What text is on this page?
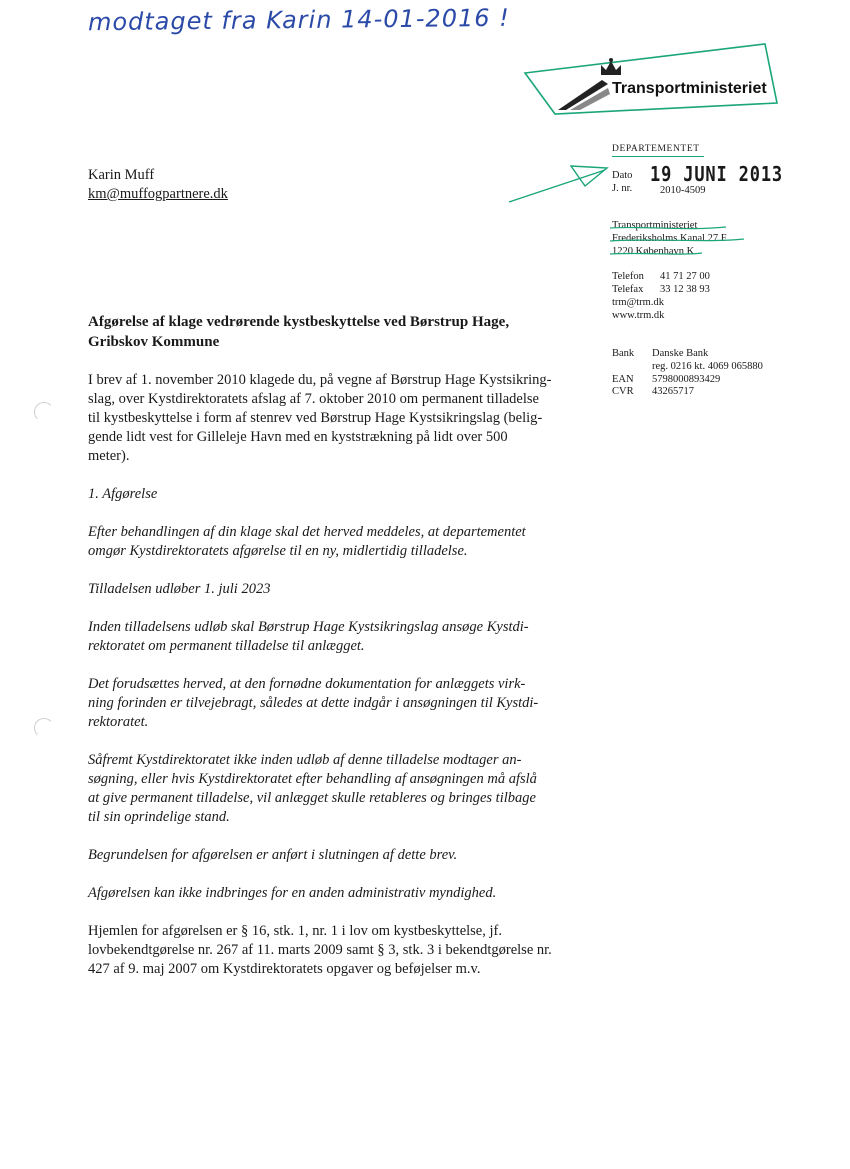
modtaget fra Karin 14-01-2016 !
Transportministeriet
DEPARTEMENTET
Dato 19 JUNI 2013
J. nr.	2010-4509
Transportministeriet
Frederiksholms Kanal 27 F
1220 København K
Telefon 41 71 27 00
Telefax 33 12 38 93
trm@trm.dk
www.trm.dk
Bank Danske Bank
reg. 0216 kt. 4069 065880
EAN 5798000893429
CVR 43265717
Karin Muff
km@muffogpartnere.dk
Afgørelse af klage vedrørende kystbeskyttelse ved Børstrup Hage,
Gribskov Kommune
I brev af 1. november 2010 klagede du, på vegne af Børstrup Hage Kystsikring-
slag, over Kystdirektoratets afslag af 7. oktober 2010 om permanent tilladelse
til kystbeskyttelse i form af stenrev ved Børstrup Hage Kystsikringslag (belig-
gende lidt vest for Gilleleje Havn med en kyststrækning på lidt over 500
meter).
1. Afgørelse
Efter behandlingen af din klage skal det herved meddeles, at departementet
omgør Kystdirektoratets afgørelse til en ny, midlertidig tilladelse.
Tilladelsen udløber 1. juli 2023
Inden tilladelsens udløb skal Børstrup Hage Kystsikringslag ansøge Kystdi-
rektoratet om permanent tilladelse til anlægget.
Det forudsættes herved, at den fornødne dokumentation for anlæggets virk-
ning forinden er tilvejebragt, således at dette indgår i ansøgningen til Kystdi-
rektoratet.
Såfremt Kystdirektoratet ikke inden udløb af denne tilladelse modtager an-
søgning, eller hvis Kystdirektoratet efter behandling af ansøgningen må afslå
at give permanent tilladelse, vil anlægget skulle retableres og bringes tilbage
til sin oprindelige stand.
Begrundelsen for afgørelsen er anført i slutningen af dette brev.
Afgørelsen kan ikke indbringes for en anden administrativ myndighed.
Hjemlen for afgørelsen er § 16, stk. 1, nr. 1 i lov om kystbeskyttelse, jf.
lovbekendtgørelse nr. 267 af 11. marts 2009 samt § 3, stk. 3 i bekendtgørelse nr.
427 af 9. maj 2007 om Kystdirektoratets opgaver og beføjelser m.v.
